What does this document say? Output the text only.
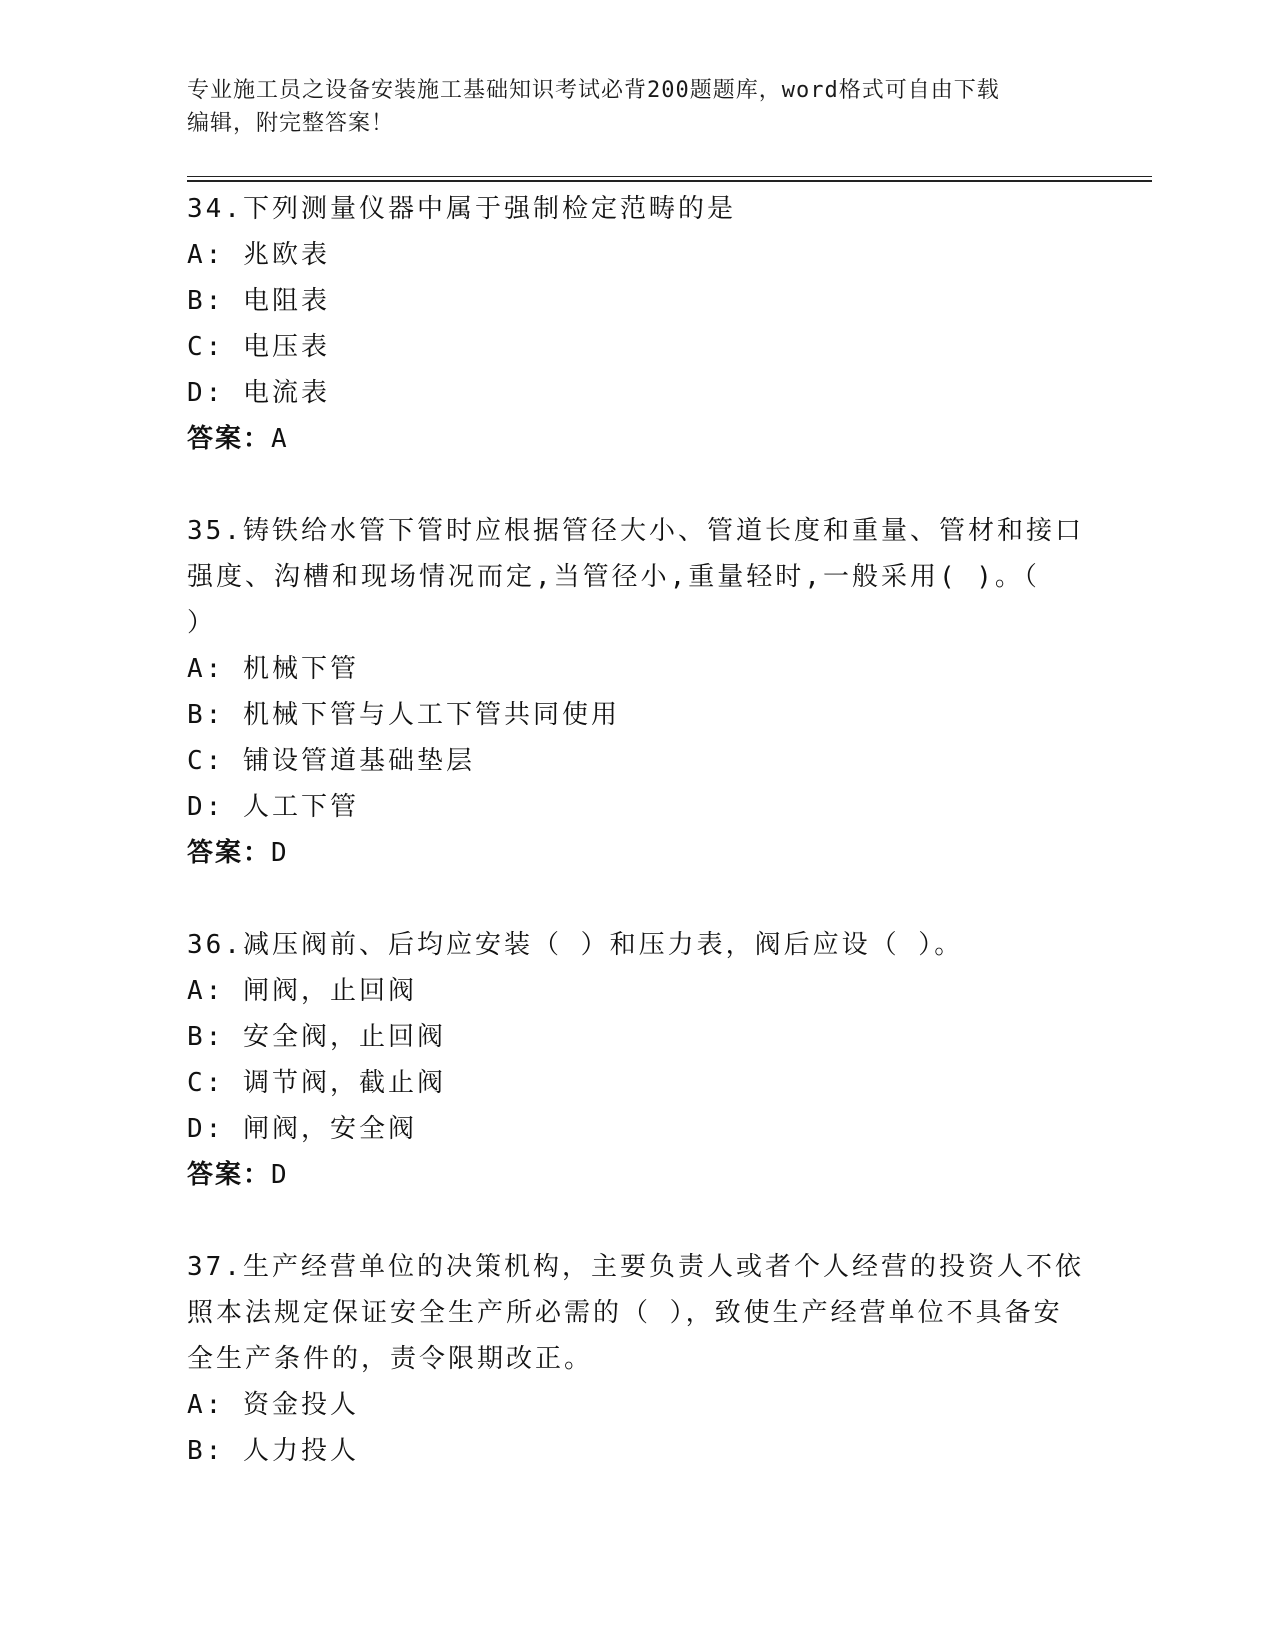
专业施工员之设备安装施工基础知识考试必背200题题库，word格式可自由下载
编辑，附完整答案！

34.下列测量仪器中属于强制检定范畴的是

A: 兆欧表

B: 电阻表

C: 电压表

D: 电流表

答案：A

35.铸铁给水管下管时应根据管径大小、管道长度和重量、管材和接口

强度、沟槽和现场情况而定,当管径小,重量轻时,一般采用( )。（

）

A: 机械下管

B: 机械下管与人工下管共同使用

C: 铺设管道基础垫层

D: 人工下管

答案：D

36.减压阀前、后均应安装（ ）和压力表，阀后应设（ ）。

A: 闸阀，止回阀

B: 安全阀，止回阀

C: 调节阀，截止阀

D: 闸阀，安全阀

答案：D

37.生产经营单位的决策机构，主要负责人或者个人经营的投资人不依

照本法规定保证安全生产所必需的（ ），致使生产经营单位不具备安

全生产条件的，责令限期改正。

A: 资金投人

B: 人力投人
